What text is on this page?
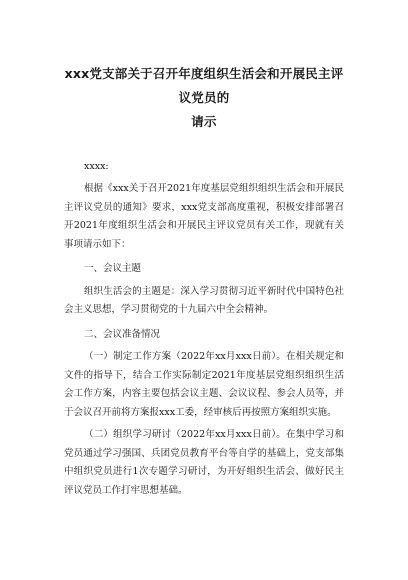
xxx党支部关于召开年度组织生活会和开展民主评议党员的
请示
xxxx:

根据《xxx关于召开2021年度基层党组织组织生活会和开展民主评议党员的通知》要求，xxx党支部高度重视，积极安排部署召开2021年度组织生活会和开展民主评议党员有关工作，现就有关事项请示如下：

一、会议主题

组织生活会的主题是：深入学习贯彻习近平新时代中国特色社会主义思想，学习贯彻党的十九届六中全会精神。

二、会议准备情况

（一）制定工作方案（2022年xx月xxx日前）。在相关规定和文件的指导下，结合工作实际制定2021年度基层党组织组织生活会工作方案，内容主要包括会议主题、会议议程、参会人员等，并于会议召开前将方案报xxx工委，经审核后再按照方案组织实施。

（二）组织学习研讨（2022年xx月xxx日前）。在集中学习和党员通过学习强国、兵团党员教育平台等自学的基础上，党支部集中组织党员进行1次专题学习研讨，为开好组织生活会、做好民主评议党员工作打牢思想基础。
